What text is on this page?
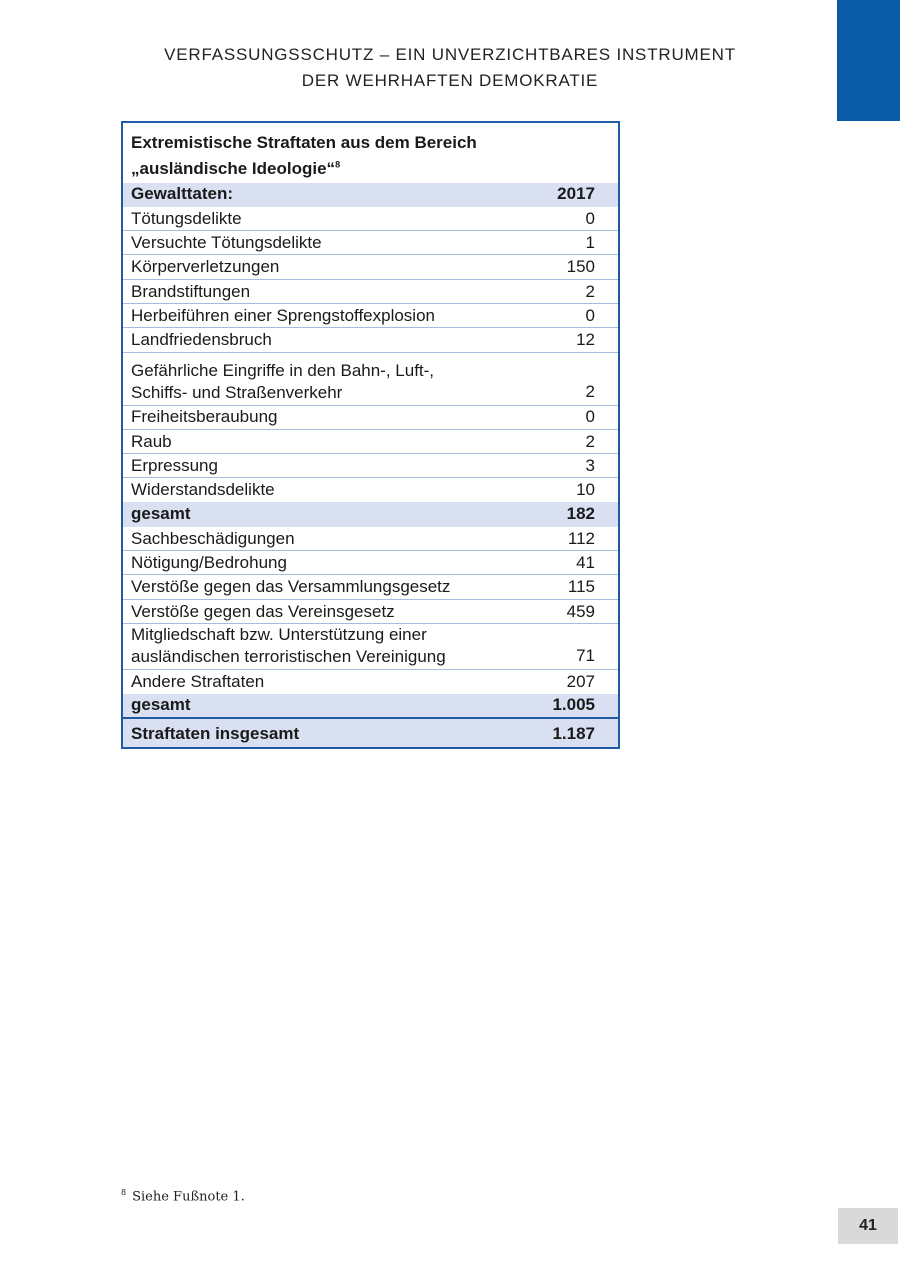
VERFASSUNGSSCHUTZ – EIN UNVERZICHTBARES INSTRUMENT
DER WEHRHAFTEN DEMOKRATIE
Extremistische Straftaten aus dem Bereich
„ausländische Ideologie“$^8$
Gewalttaten:	2017
Tötungsdelikte	0
Versuchte Tötungsdelikte	1
Körperverletzungen	150
Brandstiftungen	2
Herbeiführen einer Sprengstoffexplosion	0
Landfriedensbruch	12
Gefährliche Eingriffe in den Bahn-, Luft-,
Schiffs- und Straßenverkehr	2
Freiheitsberaubung	0
Raub	2
Erpressung	3
Widerstandsdelikte	10
gesamt	182
Sachbeschädigungen	112
Nötigung/Bedrohung	41
Verstöße gegen das Versammlungsgesetz	115
Verstöße gegen das Vereinsgesetz	459
Mitgliedschaft bzw. Unterstützung einer
ausländischen terroristischen Vereinigung	71
Andere Straftaten	207
gesamt	1.005
Straftaten insgesamt	1.187
$^8$ Siehe Fußnote 1.
41
